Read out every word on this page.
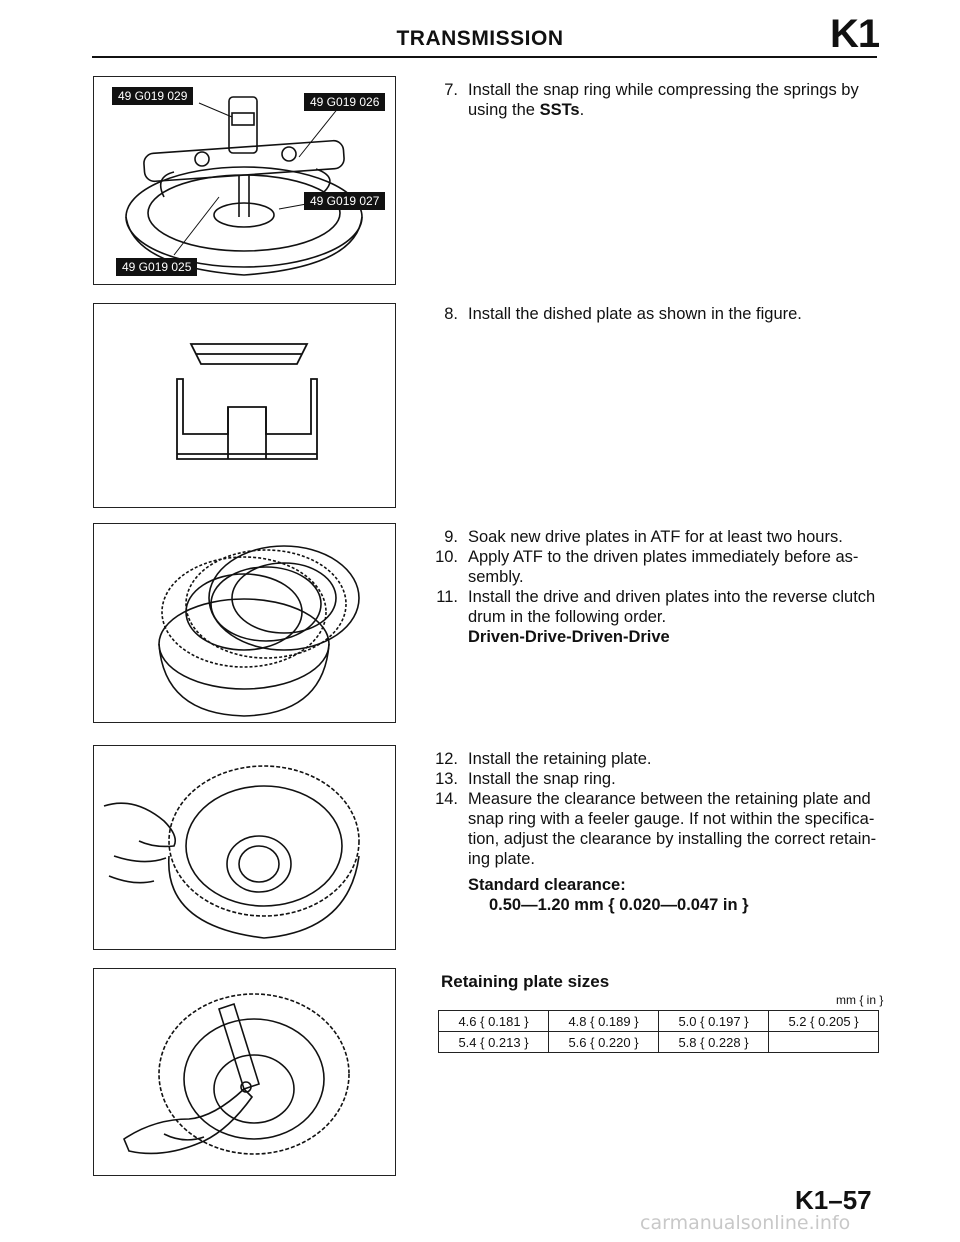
TRANSMISSION	K1
49 G019 029	49 G019 026
49 G019 027
49 G019 025
7. Install the snap ring while compressing the springs by
using the SSTs.
8. Install the dished plate as shown in the figure.
9. Soak new drive plates in ATF for at least two hours.
10. Apply ATF to the driven plates immediately before as-
sembly.
11. Install the drive and driven plates into the reverse clutch
drum in the following order.
Driven-Drive-Driven-Drive
12. Install the retaining plate.
13. Install the snap ring.
14. Measure the clearance between the retaining plate and
snap ring with a feeler gauge. If not within the specifica-
tion, adjust the clearance by installing the correct retain-
ing plate.
Standard clearance:
0.50—1.20 mm { 0.020—0.047 in }
Retaining plate sizes
mm { in }
4.6 { 0.181 }	4.8 { 0.189 }	5.0 { 0.197 }	5.2 { 0.205 }
5.4 { 0.213 }	5.6 { 0.220 }	5.8 { 0.228 }	
K1–57
carmanualsonline.info
